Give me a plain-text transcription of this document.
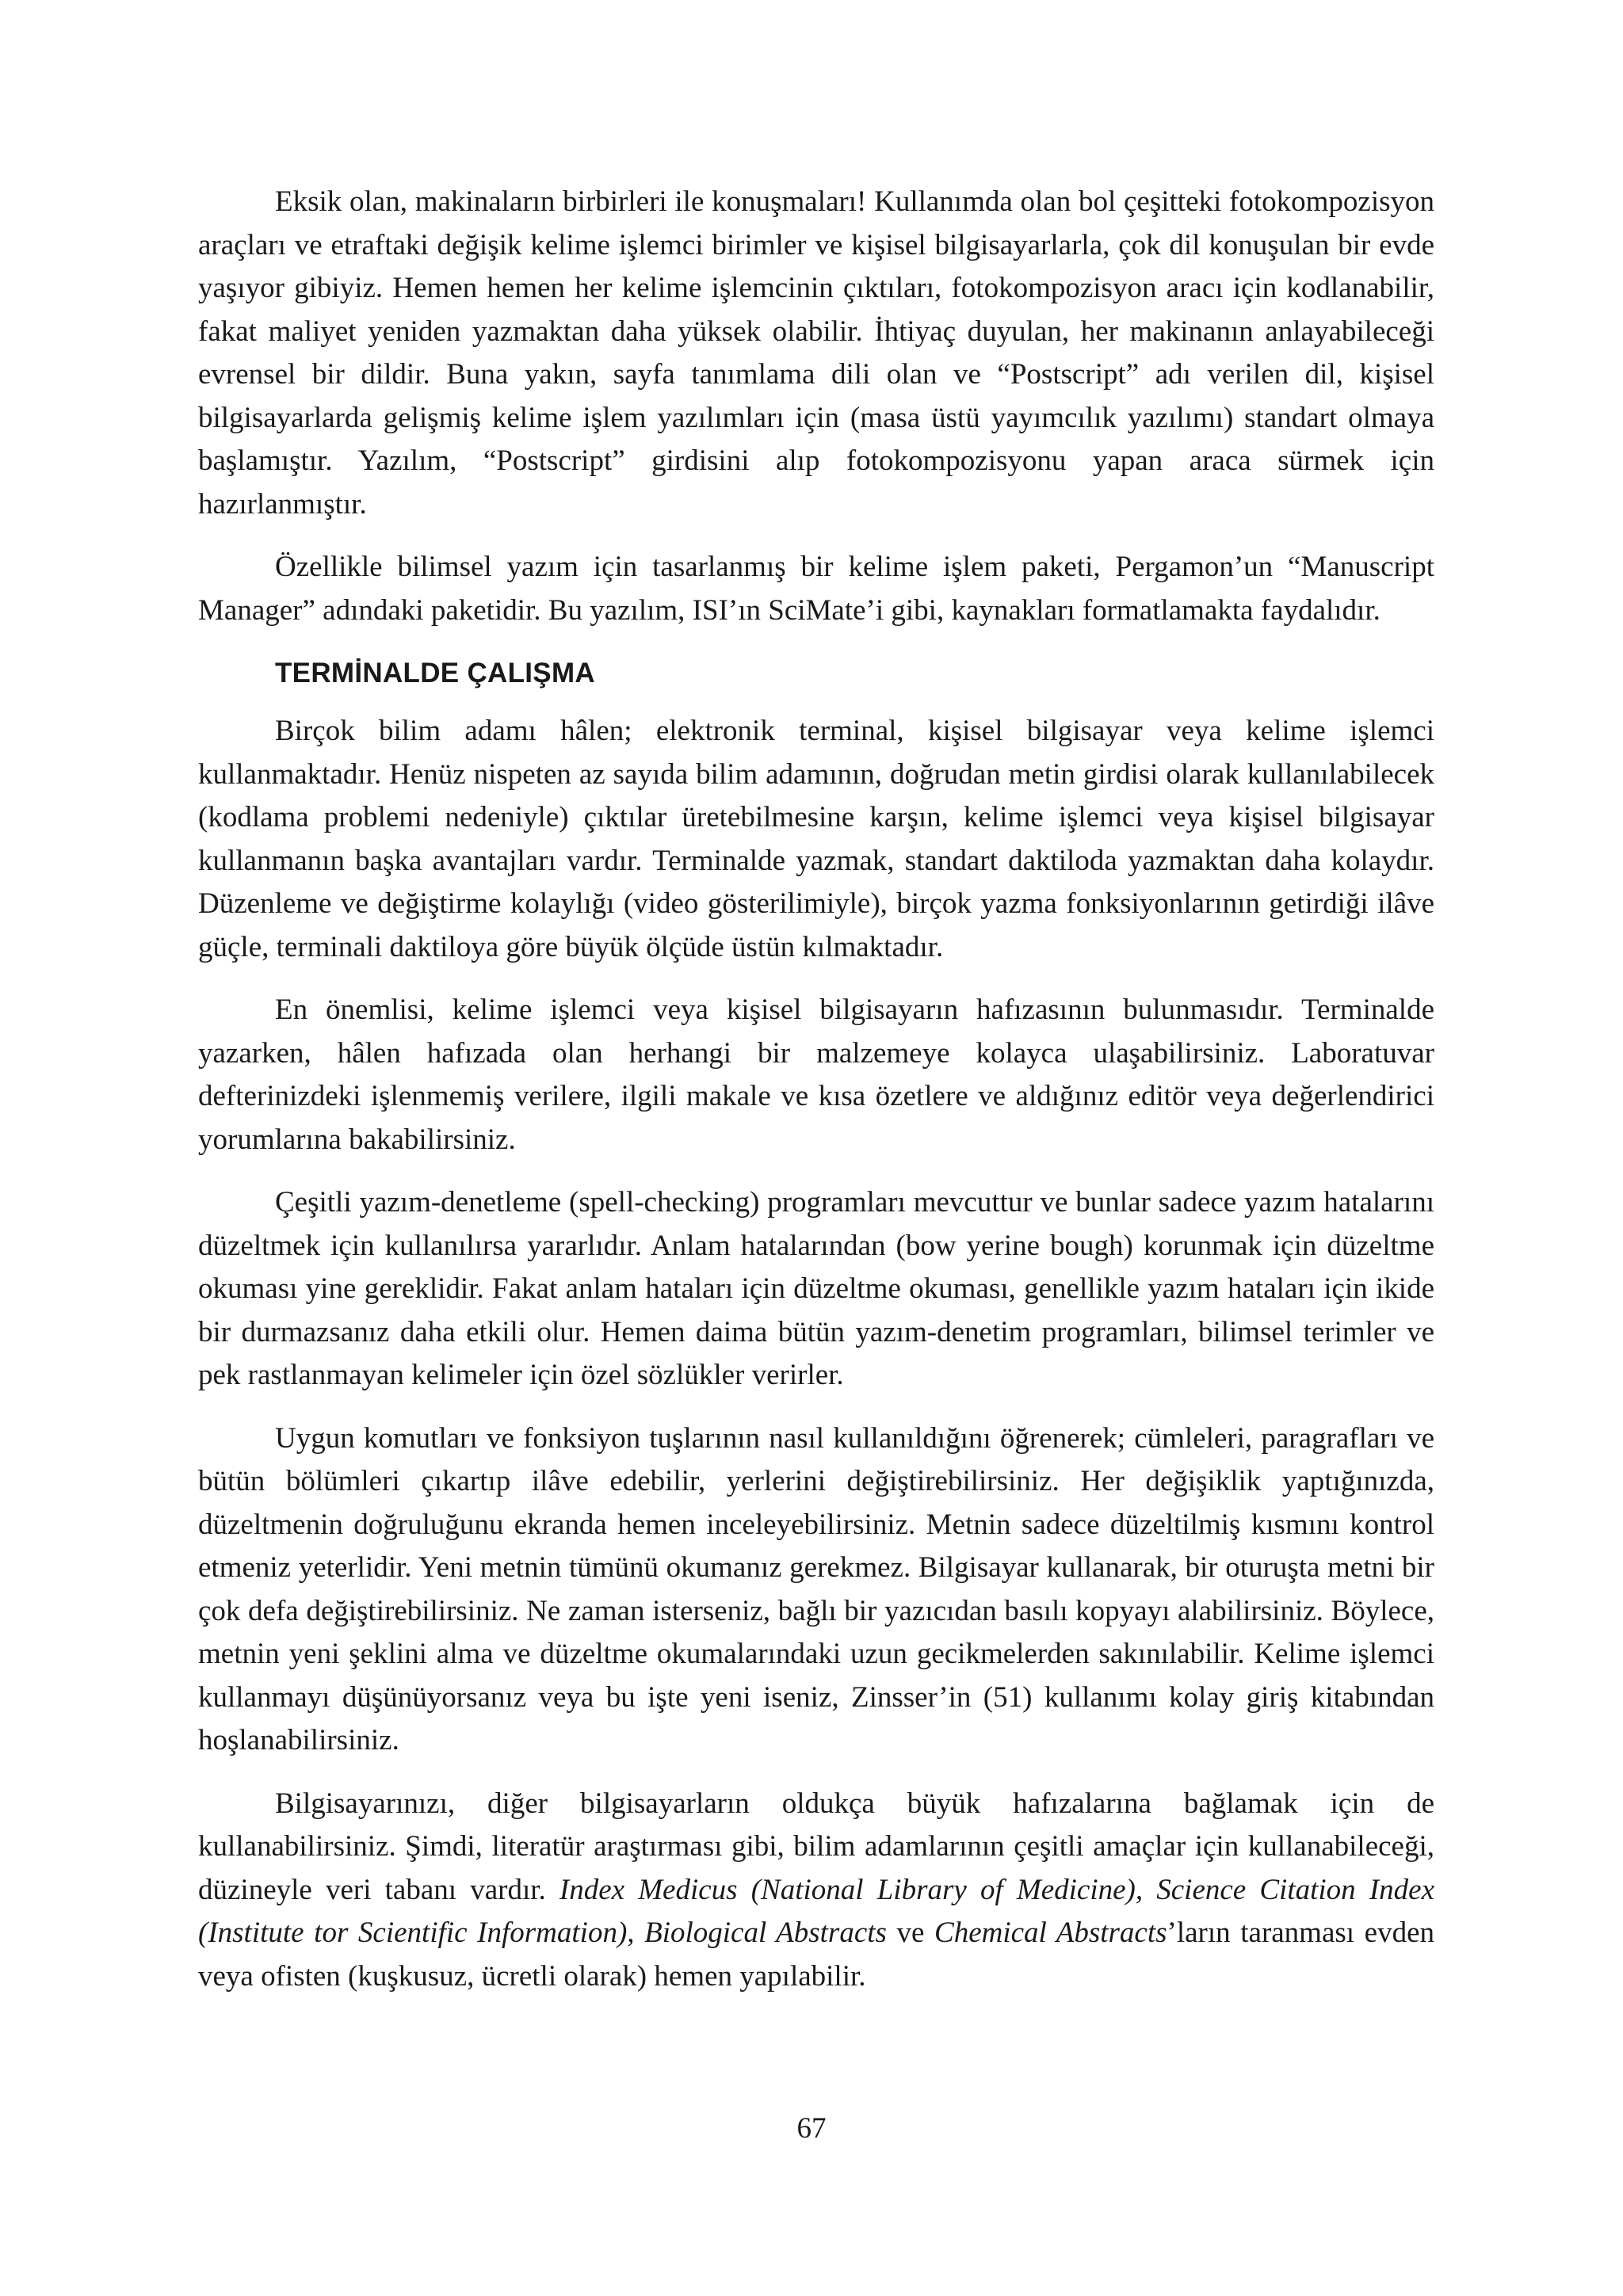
Eksik olan, makinaların birbirleri ile konuşmaları! Kullanımda olan bol çeşitteki fotokompozisyon araçları ve etraftaki değişik kelime işlemci birimler ve kişisel bilgisayarlarla, çok dil konuşulan bir evde yaşıyor gibiyiz. Hemen hemen her kelime işlemcinin çıktıları, fotokompozisyon aracı için kodlanabilir, fakat maliyet yeniden yazmaktan daha yüksek olabilir. İhtiyaç duyulan, her makinanın anlayabileceği evrensel bir dildir. Buna yakın, sayfa tanımlama dili olan ve “Postscript” adı verilen dil, kişisel bilgisayarlarda gelişmiş kelime işlem yazılımları için (masa üstü yayımcılık yazılımı) standart olmaya başlamıştır. Yazılım, “Postscript” girdisini alıp fotokompozisyonu yapan araca sürmek için hazırlanmıştır.

Özellikle bilimsel yazım için tasarlanmış bir kelime işlem paketi, Pergamon’un “Manuscript Manager” adındaki paketidir. Bu yazılım, ISI’ın SciMate’i gibi, kaynakları formatlamakta faydalıdır.

TERMİNALDE ÇALIŞMA

Birçok bilim adamı hâlen; elektronik terminal, kişisel bilgisayar veya kelime işlemci kullanmaktadır. Henüz nispeten az sayıda bilim adamının, doğrudan metin girdisi olarak kullanılabilecek (kodlama problemi nedeniyle) çıktılar üretebilmesine karşın, kelime işlemci veya kişisel bilgisayar kullanmanın başka avantajları vardır. Terminalde yazmak, standart daktiloda yazmaktan daha kolaydır. Düzenleme ve değiştirme kolaylığı (video gösterilimiyle), birçok yazma fonksiyonlarının getirdiği ilâve güçle, terminali daktiloya göre büyük ölçüde üstün kılmaktadır.

En önemlisi, kelime işlemci veya kişisel bilgisayarın hafızasının bulunmasıdır. Terminalde yazarken, hâlen hafızada olan herhangi bir malzemeye kolayca ulaşabilirsiniz. Laboratuvar defterinizdeki işlenmemiş verilere, ilgili makale ve kısa özetlere ve aldığınız editör veya değerlendirici yorumlarına bakabilirsiniz.

Çeşitli yazım-denetleme (spell-checking) programları mevcuttur ve bunlar sadece yazım hatalarını düzeltmek için kullanılırsa yararlıdır. Anlam hatalarından (bow yerine bough) korunmak için düzeltme okuması yine gereklidir. Fakat anlam hataları için düzeltme okuması, genellikle yazım hataları için ikide bir durmazsanız daha etkili olur. Hemen daima bütün yazım-denetim programları, bilimsel terimler ve pek rastlanmayan kelimeler için özel sözlükler verirler.

Uygun komutları ve fonksiyon tuşlarının nasıl kullanıldığını öğrenerek; cümleleri, paragrafları ve bütün bölümleri çıkartıp ilâve edebilir, yerlerini değiştirebilirsiniz. Her değişiklik yaptığınızda, düzeltmenin doğruluğunu ekranda hemen inceleyebilirsiniz. Metnin sadece düzeltilmiş kısmını kontrol etmeniz yeterlidir. Yeni metnin tümünü okumanız gerekmez. Bilgisayar kullanarak, bir oturuşta metni bir çok defa değiştirebilirsiniz. Ne zaman isterseniz, bağlı bir yazıcıdan basılı kopyayı alabilirsiniz. Böylece, metnin yeni şeklini alma ve düzeltme okumalarındaki uzun gecikmelerden sakınılabilir. Kelime işlemci kullanmayı düşünüyorsanız veya bu işte yeni iseniz, Zinsser’in (51) kullanımı kolay giriş kitabından hoşlanabilirsiniz.

Bilgisayarınızı, diğer bilgisayarların oldukça büyük hafızalarına bağlamak için de kullanabilirsiniz. Şimdi, literatür araştırması gibi, bilim adamlarının çeşitli amaçlar için kullanabileceği, düzineyle veri tabanı vardır. Index Medicus (National Library of Medicine), Science Citation Index (Institute tor Scientific Information), Biological Abstracts ve Chemical Abstracts’ların taranması evden veya ofisten (kuşkusuz, ücretli olarak) hemen yapılabilir.

67
